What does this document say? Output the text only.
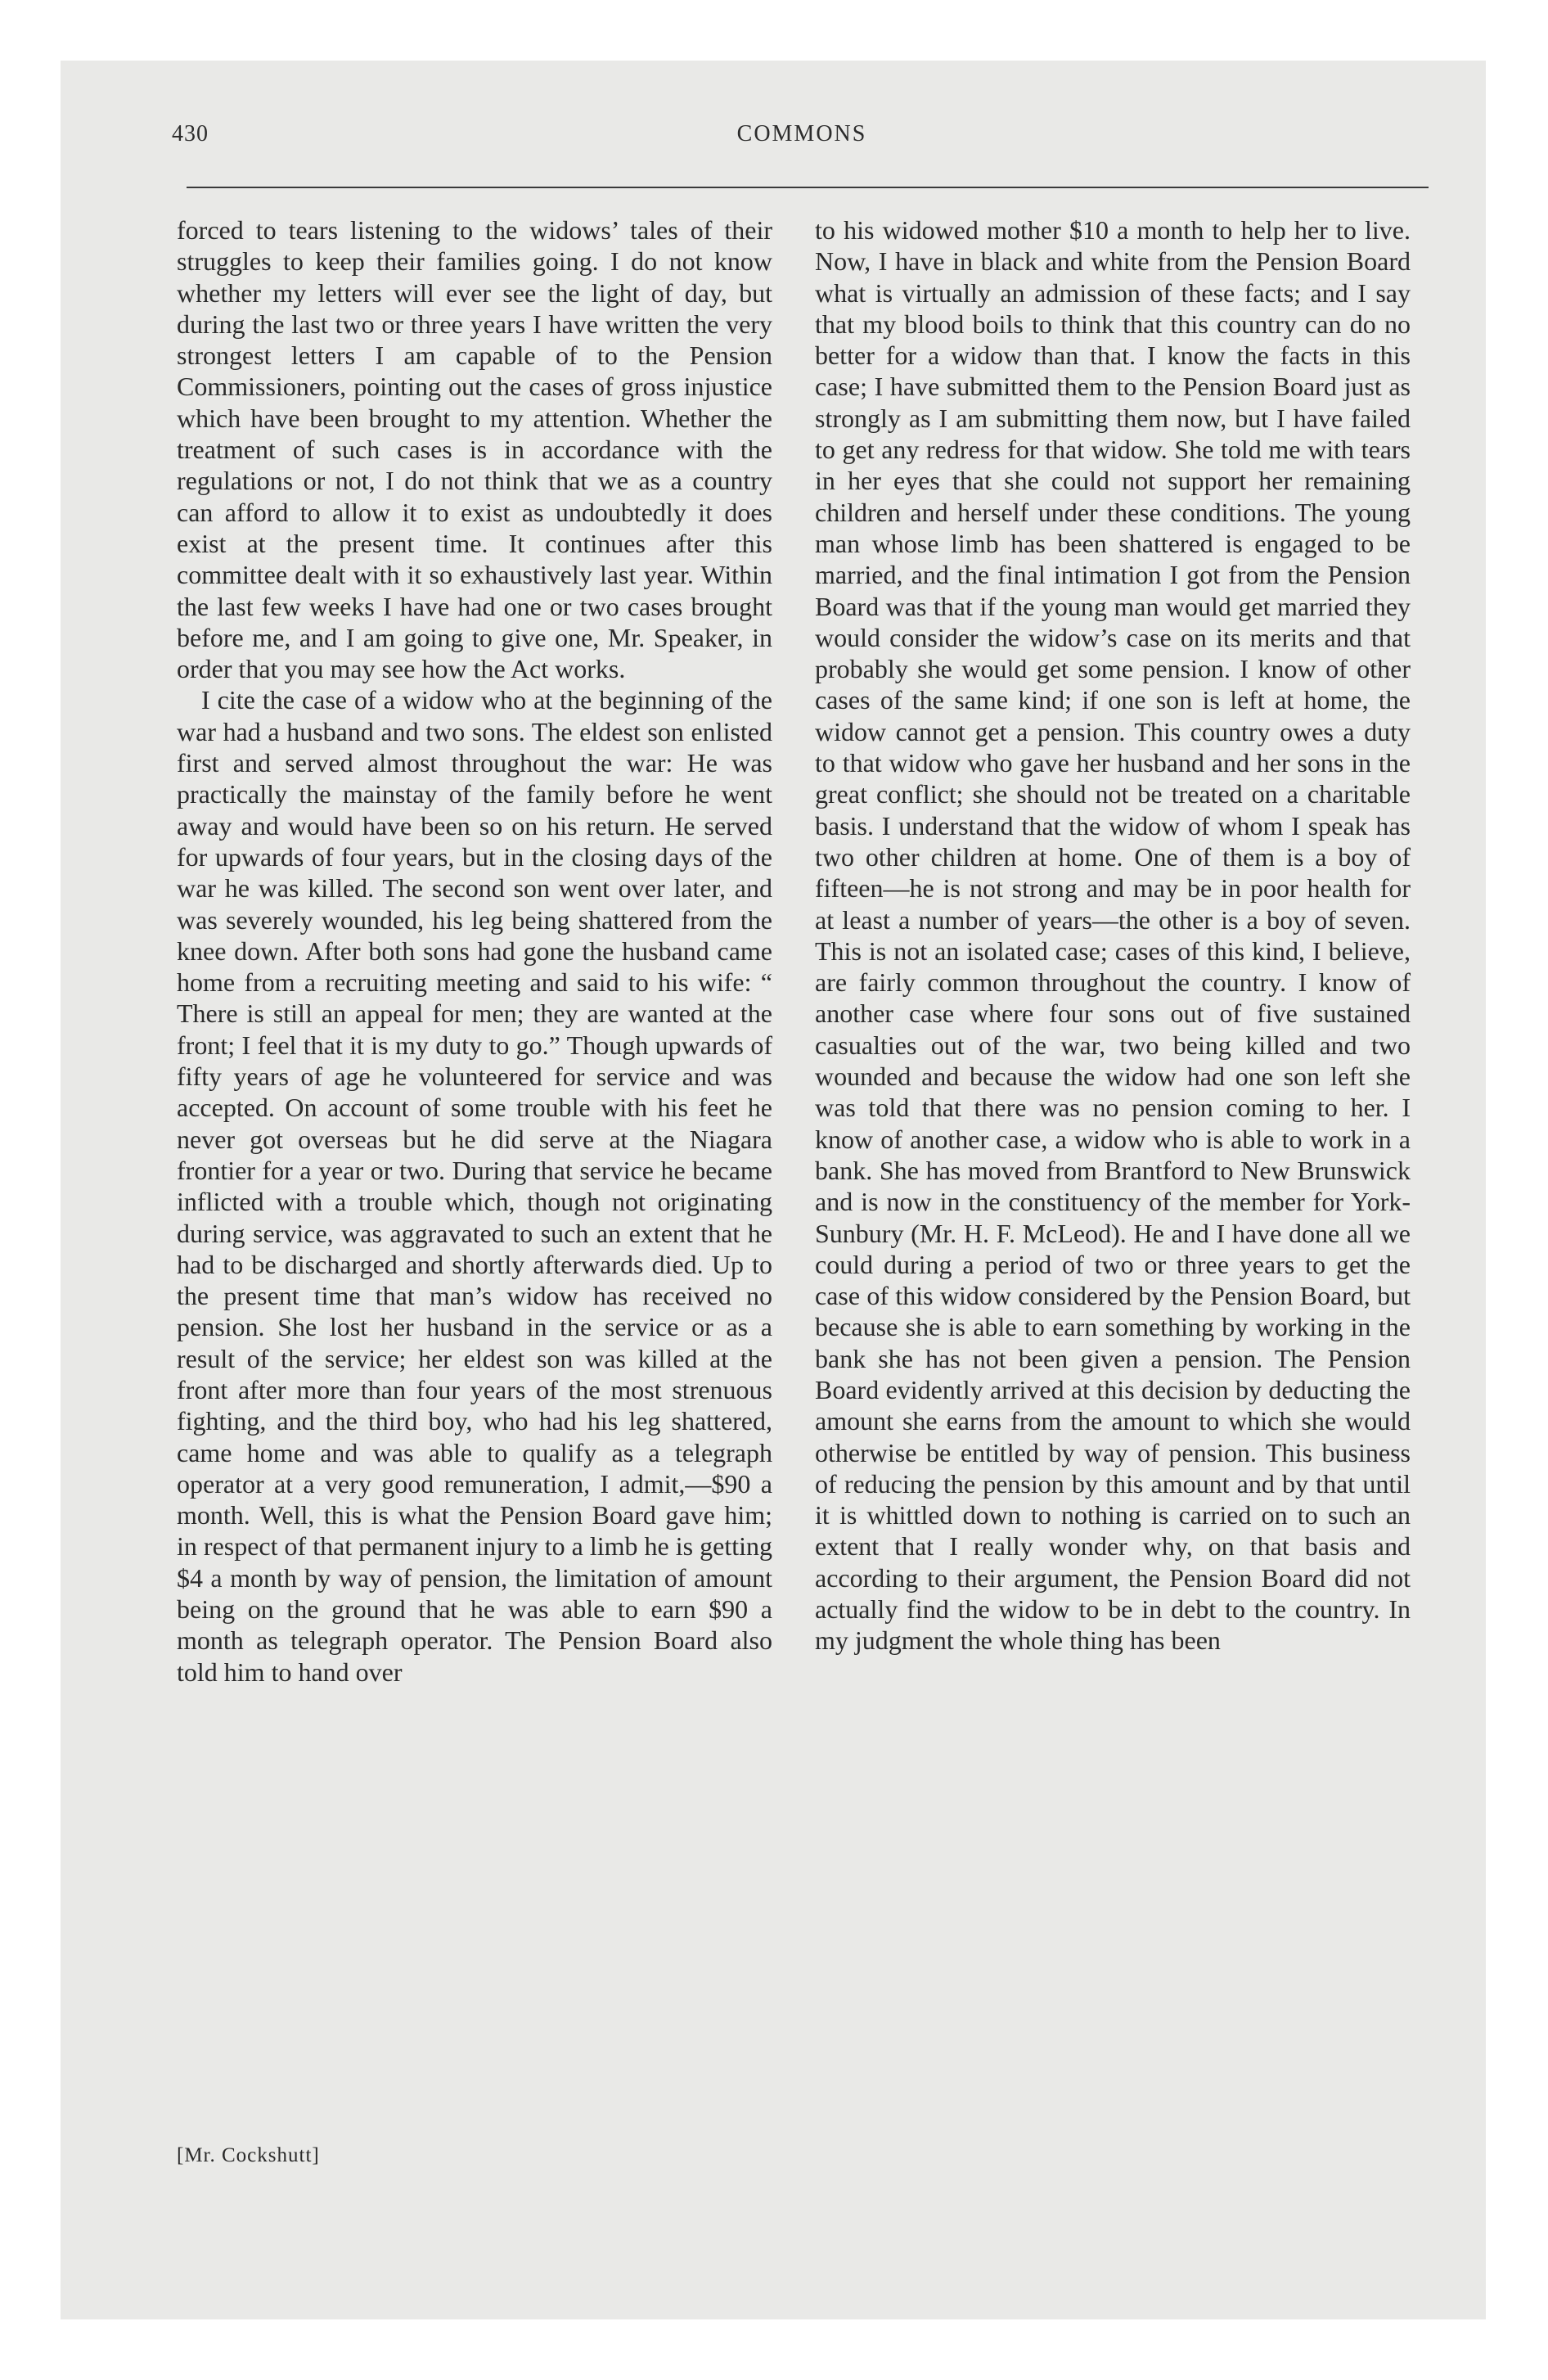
430	COMMONS

forced to tears listening to the widows’ tales of their struggles to keep their families going. I do not know whether my letters will ever see the light of day, but during the last two or three years I have written the very strongest letters I am capable of to the Pension Commissioners, pointing out the cases of gross injustice which have been brought to my attention. Whether the treatment of such cases is in accordance with the regulations or not, I do not think that we as a country can afford to allow it to exist as undoubtedly it does exist at the present time. It continues after this committee dealt with it so exhaustively last year. Within the last few weeks I have had one or two cases brought before me, and I am going to give one, Mr. Speaker, in order that you may see how the Act works.

I cite the case of a widow who at the beginning of the war had a husband and two sons. The eldest son enlisted first and served almost throughout the war: He was practically the mainstay of the family before he went away and would have been so on his return. He served for upwards of four years, but in the closing days of the war he was killed. The second son went over later, and was severely wounded, his leg being shattered from the knee down. After both sons had gone the husband came home from a recruiting meeting and said to his wife: “ There is still an appeal for men; they are wanted at the front; I feel that it is my duty to go.” Though upwards of fifty years of age he volunteered for service and was accepted. On account of some trouble with his feet he never got overseas but he did serve at the Niagara frontier for a year or two. During that service he became inflicted with a trouble which, though not originating during service, was aggravated to such an extent that he had to be discharged and shortly afterwards died. Up to the present time that man’s widow has received no pension. She lost her husband in the service or as a result of the service; her eldest son was killed at the front after more than four years of the most strenuous fighting, and the third boy, who had his leg shattered, came home and was able to qualify as a telegraph operator at a very good remuneration, I admit,—$90 a month. Well, this is what the Pension Board gave him; in respect of that permanent injury to a limb he is getting $4 a month by way of pension, the limitation of amount being on the ground that he was able to earn $90 a month as telegraph operator. The Pension Board also told him to hand over

to his widowed mother $10 a month to help her to live. Now, I have in black and white from the Pension Board what is virtually an admission of these facts; and I say that my blood boils to think that this country can do no better for a widow than that. I know the facts in this case; I have submitted them to the Pension Board just as strongly as I am submitting them now, but I have failed to get any redress for that widow. She told me with tears in her eyes that she could not support her remaining children and herself under these conditions. The young man whose limb has been shattered is engaged to be married, and the final intimation I got from the Pension Board was that if the young man would get married they would consider the widow’s case on its merits and that probably she would get some pension. I know of other cases of the same kind; if one son is left at home, the widow cannot get a pension. This country owes a duty to that widow who gave her husband and her sons in the great conflict; she should not be treated on a charitable basis. I understand that the widow of whom I speak has two other children at home. One of them is a boy of fifteen—he is not strong and may be in poor health for at least a number of years—the other is a boy of seven. This is not an isolated case; cases of this kind, I believe, are fairly common throughout the country. I know of another case where four sons out of five sustained casualties out of the war, two being killed and two wounded and because the widow had one son left she was told that there was no pension coming to her. I know of another case, a widow who is able to work in a bank. She has moved from Brantford to New Brunswick and is now in the constituency of the member for York-Sunbury (Mr. H. F. McLeod). He and I have done all we could during a period of two or three years to get the case of this widow considered by the Pension Board, but because she is able to earn something by working in the bank she has not been given a pension. The Pension Board evidently arrived at this decision by deducting the amount she earns from the amount to which she would otherwise be entitled by way of pension. This business of reducing the pension by this amount and by that until it is whittled down to nothing is carried on to such an extent that I really wonder why, on that basis and according to their argument, the Pension Board did not actually find the widow to be in debt to the country. In my judgment the whole thing has been

[Mr. Cockshutt]
